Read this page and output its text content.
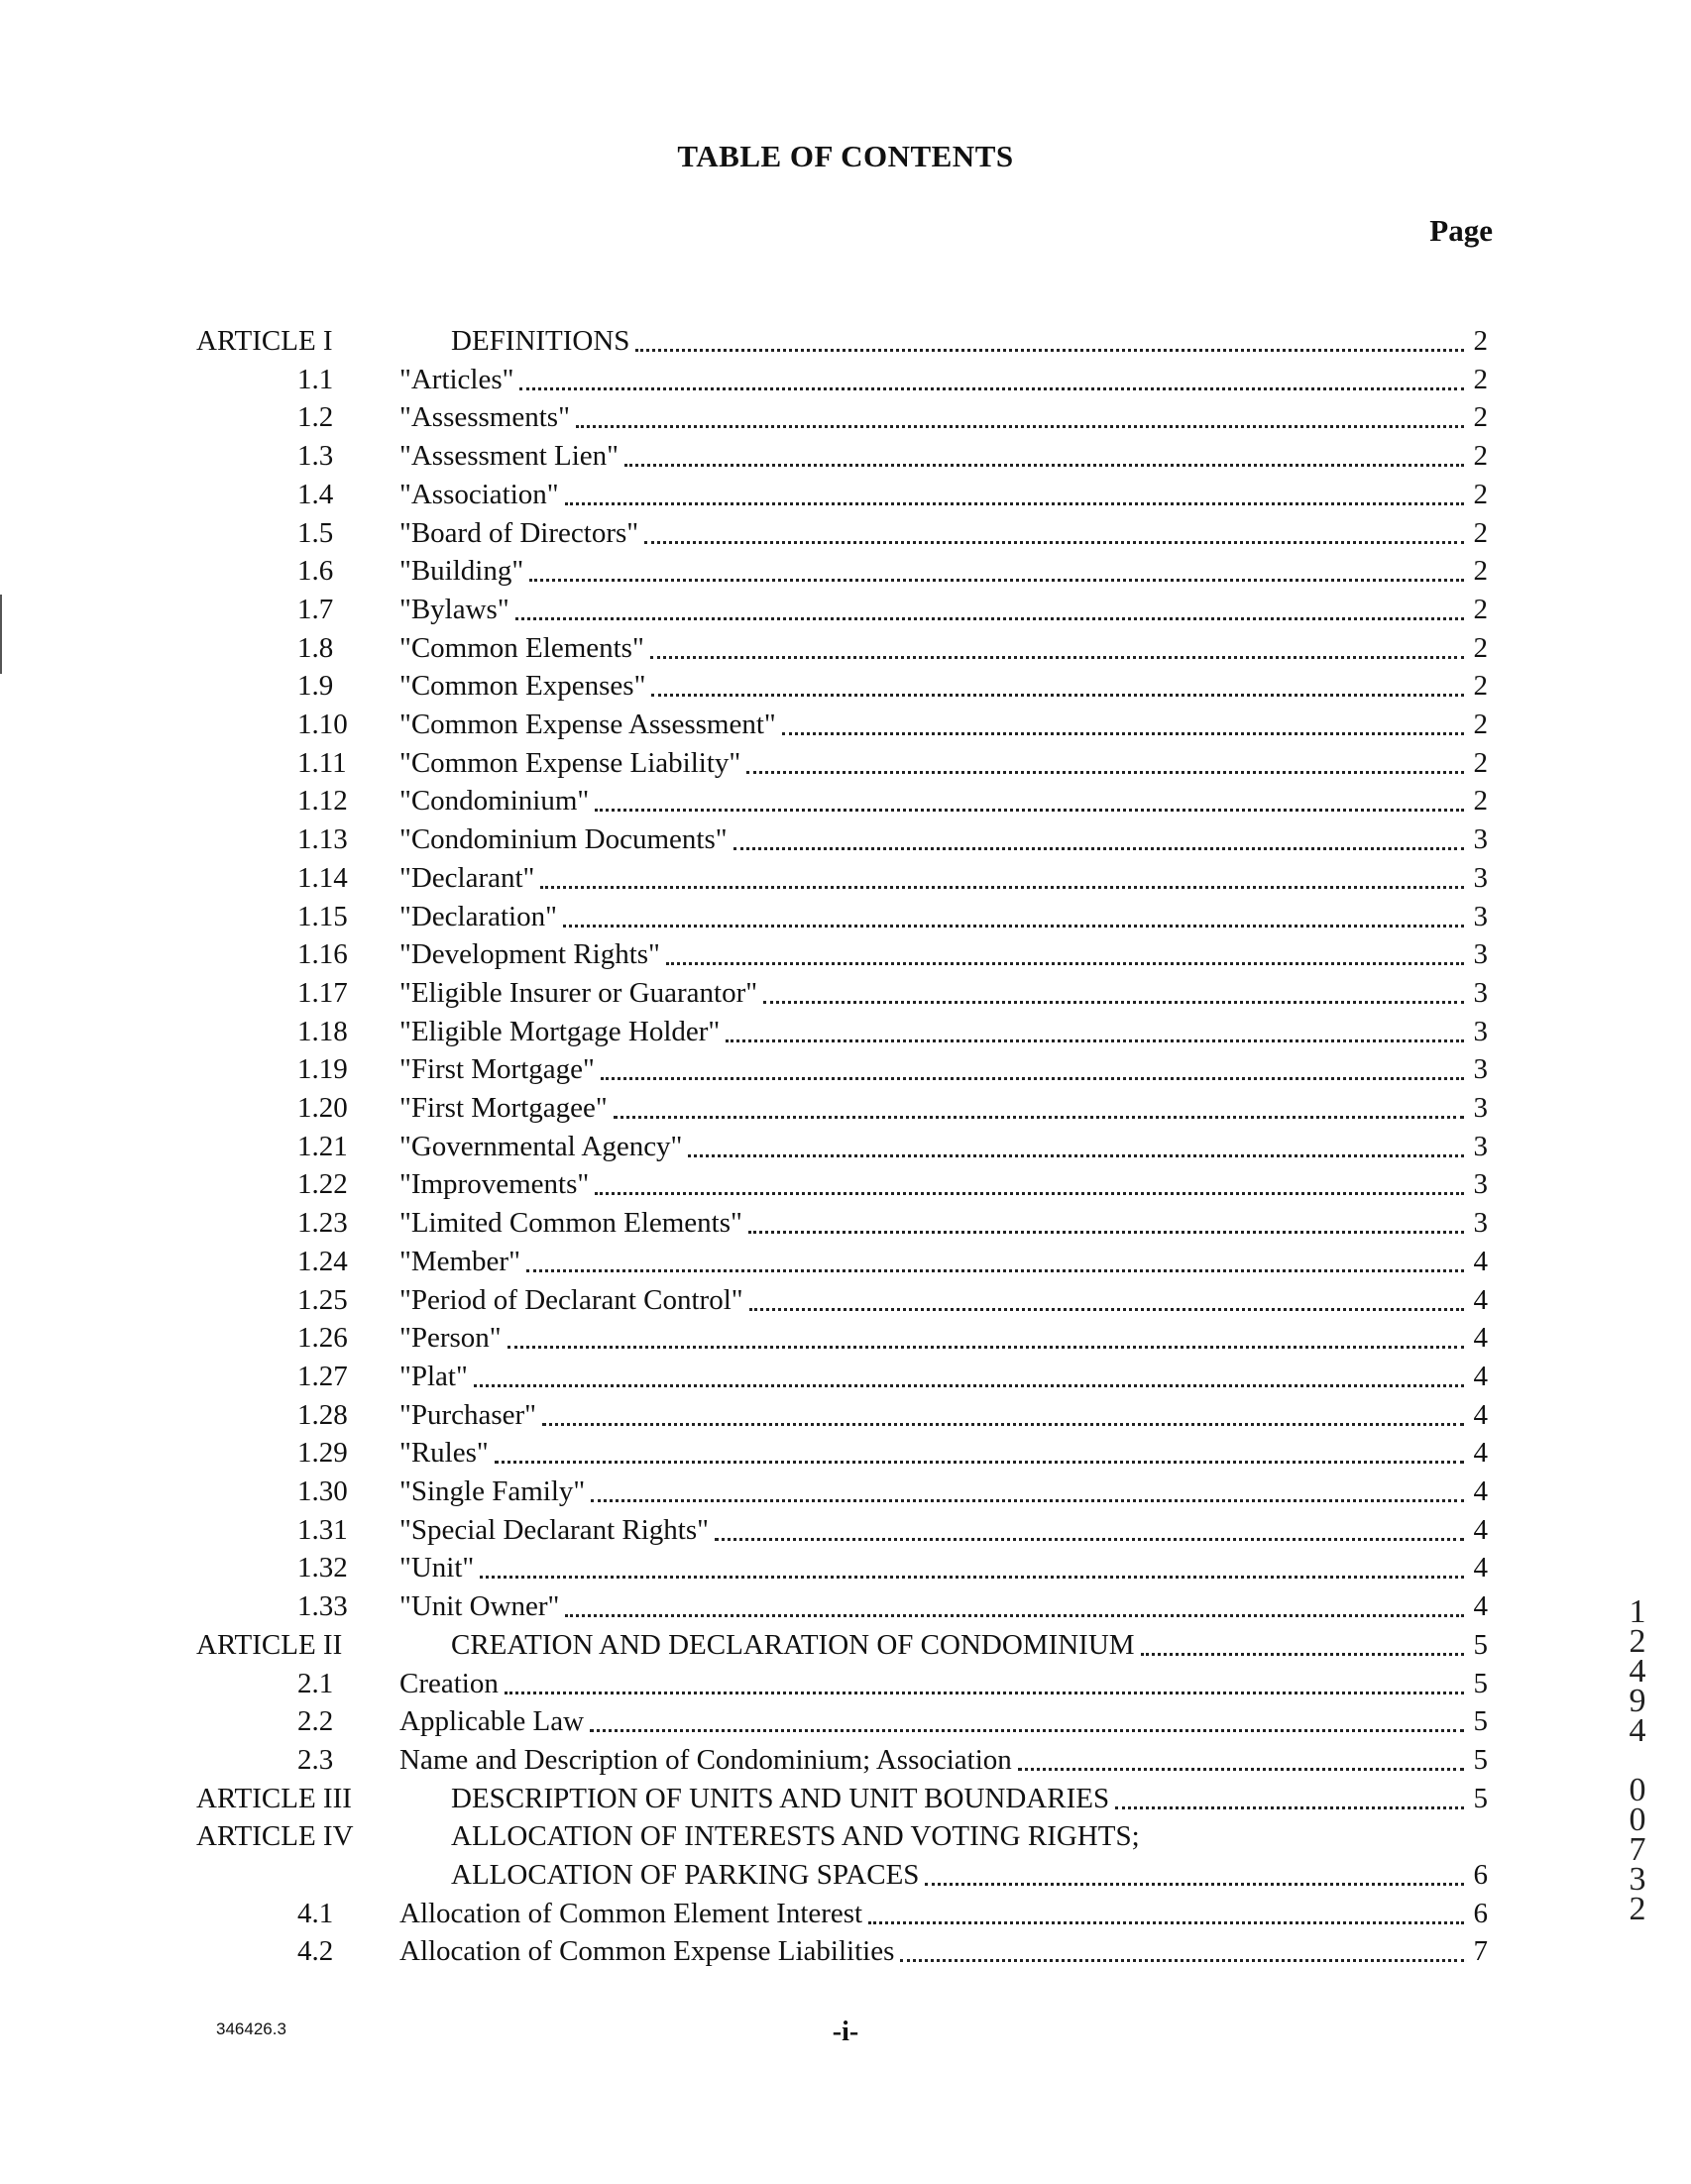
TABLE OF CONTENTS
Page
ARTICLE I	DEFINITIONS	2
1.1 "Articles"	2
1.2 "Assessments"	2
1.3 "Assessment Lien"	2
1.4 "Association"	2
1.5 "Board of Directors"	2
1.6 "Building"	2
1.7 "Bylaws"	2
1.8 "Common Elements"	2
1.9 "Common Expenses"	2
1.10 "Common Expense Assessment"	2
1.11 "Common Expense Liability"	2
1.12 "Condominium"	2
1.13 "Condominium Documents"	3
1.14 "Declarant"	3
1.15 "Declaration"	3
1.16 "Development Rights"	3
1.17 "Eligible Insurer or Guarantor"	3
1.18 "Eligible Mortgage Holder"	3
1.19 "First Mortgage"	3
1.20 "First Mortgagee"	3
1.21 "Governmental Agency"	3
1.22 "Improvements"	3
1.23 "Limited Common Elements"	3
1.24 "Member"	4
1.25 "Period of Declarant Control"	4
1.26 "Person"	4
1.27 "Plat"	4
1.28 "Purchaser"	4
1.29 "Rules"	4
1.30 "Single Family"	4
1.31 "Special Declarant Rights"	4
1.32 "Unit"	4
1.33 "Unit Owner"	4
ARTICLE II	CREATION AND DECLARATION OF CONDOMINIUM	5
2.1 Creation	5
2.2 Applicable Law	5
2.3 Name and Description of Condominium; Association	5
ARTICLE III	DESCRIPTION OF UNITS AND UNIT BOUNDARIES	5
ARTICLE IV	ALLOCATION OF INTERESTS AND VOTING RIGHTS;
ALLOCATION OF PARKING SPACES	6
4.1 Allocation of Common Element Interest	6
4.2 Allocation of Common Expense Liabilities	7
346426.3	-i-
1
2
4
9
4

0
0
7
3
2
